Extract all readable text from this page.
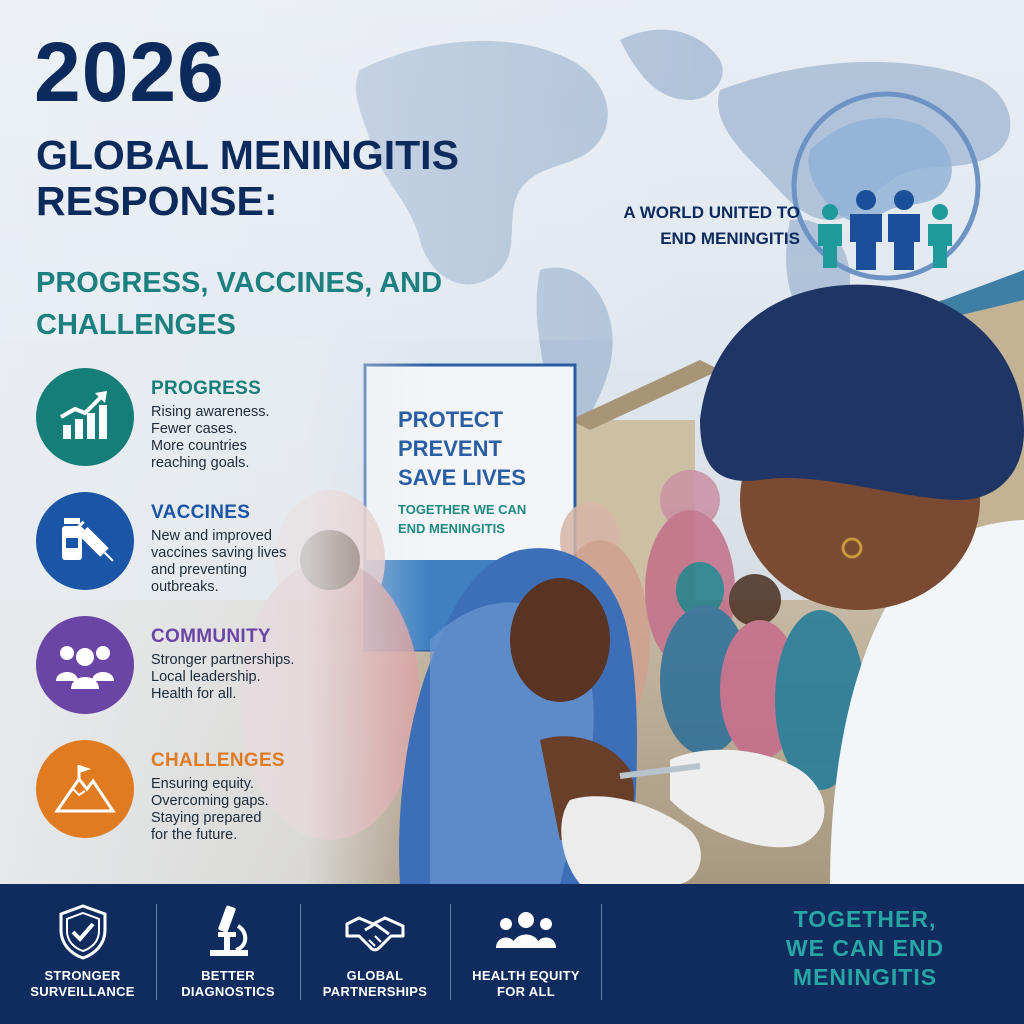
PROTECT
PREVENT
SAVE LIVES
TOGETHER WE CAN
END MENINGITIS
2026
GLOBAL MENINGITIS RESPONSE:
PROGRESS, VACCINES, AND CHALLENGES
A WORLD UNITED TO END MENINGITIS
PROGRESS
Rising awareness.
Fewer cases.
More countries
reaching goals.
VACCINES
New and improved
vaccines saving lives
and preventing
outbreaks.
COMMUNITY
Stronger partnerships.
Local leadership.
Health for all.
CHALLENGES
Ensuring equity.
Overcoming gaps.
Staying prepared
for the future.
STRONGER
SURVEILLANCE
BETTER
DIAGNOSTICS
GLOBAL
PARTNERSHIPS
HEALTH EQUITY
FOR ALL
TOGETHER,
WE CAN END
MENINGITIS
